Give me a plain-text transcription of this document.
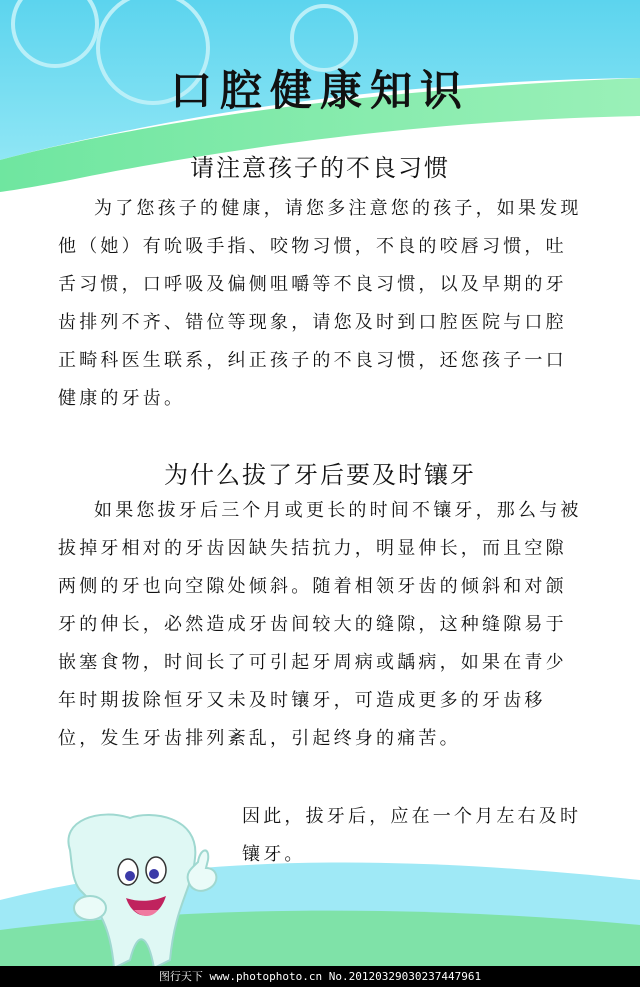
口腔健康知识
请注意孩子的不良习惯

为了您孩子的健康，请您多注意您的孩子，如果发现他（她）有吮吸手指、咬物习惯，不良的咬唇习惯，吐舌习惯，口呼吸及偏侧咀嚼等不良习惯，以及早期的牙齿排列不齐、错位等现象，请您及时到口腔医院与口腔正畸科医生联系，纠正孩子的不良习惯，还您孩子一口健康的牙齿。

为什么拔了牙后要及时镶牙

如果您拔牙后三个月或更长的时间不镶牙，那么与被拔掉牙相对的牙齿因缺失拮抗力，明显伸长，而且空隙两侧的牙也向空隙处倾斜。随着相领牙齿的倾斜和对颌牙的伸长，必然造成牙齿间较大的缝隙，这种缝隙易于嵌塞食物，时间长了可引起牙周病或龋病，如果在青少年时期拔除恒牙又未及时镶牙，可造成更多的牙齿移位，发生牙齿排列紊乱，引起终身的痛苦。

因此，拔牙后，应在一个月左右及时镶牙。

图行天下 www.photophoto.cn No.20120329030237447961
